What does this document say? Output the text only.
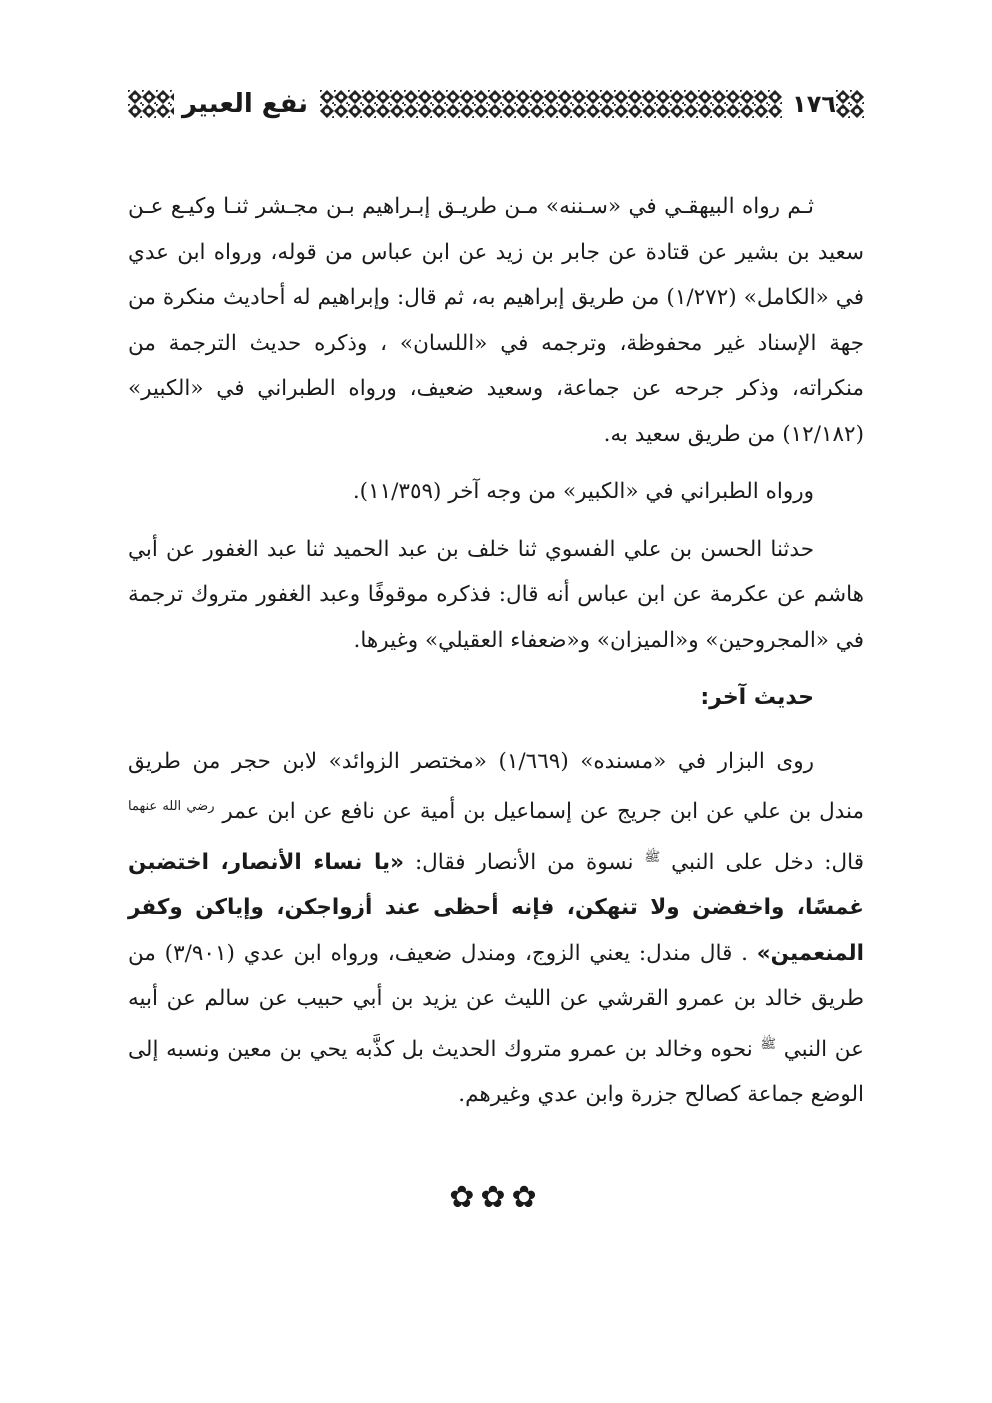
١٧٦
نفع العبير

ثـم رواه البيهقـي في «سـننه» مـن طريـق إبـراهيم بـن مجـشر ثنـا وكيـع عـن سعيد بن بشير عن قتادة عن جابر بن زيد عن ابن عباس من قوله، ورواه ابن عدي في «الكامل» (١/٢٧٢) من طريق إبراهيم به، ثم قال: وإبراهيم له أحاديث منكرة من جهة الإسناد غير محفوظة، وترجمه في «اللسان» ، وذكره حديث الترجمة من منكراته، وذكر جرحه عن جماعة، وسعيد ضعيف، ورواه الطبراني في «الكبير» (١٢/١٨٢) من طريق سعيد به.

ورواه الطبراني في «الكبير» من وجه آخر (١١/٣٥٩).

حدثنا الحسن بن علي الفسوي ثنا خلف بن عبد الحميد ثنا عبد الغفور عن أبي هاشم عن عكرمة عن ابن عباس أنه قال: فذكره موقوفًا وعبد الغفور متروك ترجمة في «المجروحين» و«الميزان» و«ضعفاء العقيلي» وغيرها.

حديث آخر:

روى البزار في «مسنده» (١/٦٦٩) «مختصر الزوائد» لابن حجر من طريق مندل بن علي عن ابن جريج عن إسماعيل بن أمية عن نافع عن ابن عمر $^{رضي الله عنهما}$ قال: دخل على النبي $^ﷺ$ نسوة من الأنصار فقال: «يا نساء الأنصار، اختضبن غمسًا، واخفضن ولا تنهكن، فإنه أحظى عند أزواجكن، وإياكن وكفر المنعمين» . قال مندل: يعني الزوج، ومندل ضعيف، ورواه ابن عدي (٣/٩٠١) من طريق خالد بن عمرو القرشي عن الليث عن يزيد بن أبي حبيب عن سالم عن أبيه عن النبي $^ﷺ$ نحوه وخالد بن عمرو متروك الحديث بل كذَّبه يحي بن معين ونسبه إلى الوضع جماعة كصالح جزرة وابن عدي وغيرهم.

✿✿✿
